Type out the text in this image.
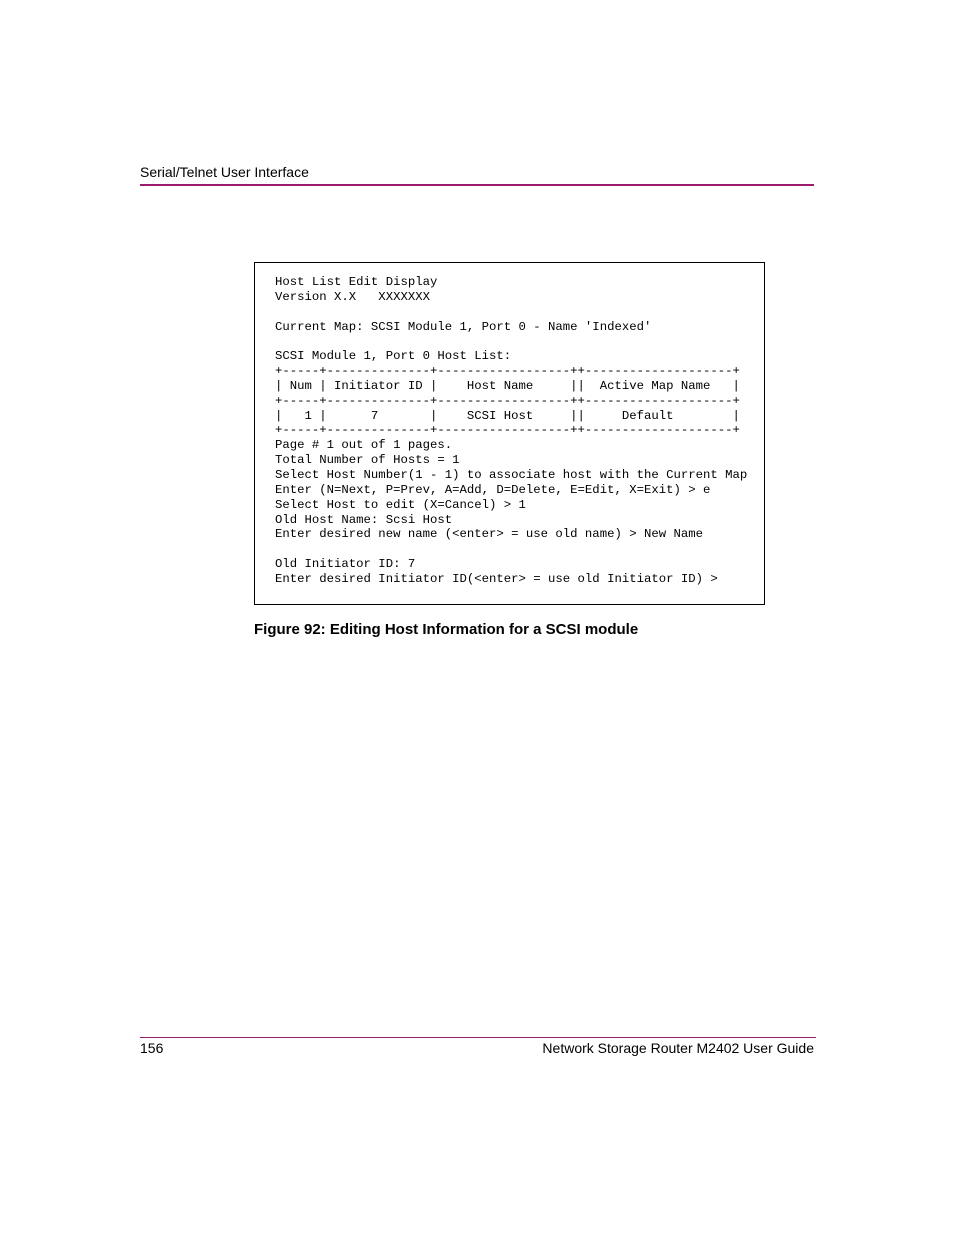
Serial/Telnet User Interface
Host List Edit Display
Version X.X   XXXXXXX

Current Map: SCSI Module 1, Port 0 - Name 'Indexed'

SCSI Module 1, Port 0 Host List:
+-----+--------------+------------------++--------------------+
| Num | Initiator ID |    Host Name     ||  Active Map Name   |
+-----+--------------+------------------++--------------------+
|   1 |      7       |    SCSI Host     ||     Default        |
+-----+--------------+------------------++--------------------+
Page # 1 out of 1 pages.
Total Number of Hosts = 1
Select Host Number(1 - 1) to associate host with the Current Map
Enter (N=Next, P=Prev, A=Add, D=Delete, E=Edit, X=Exit) > e
Select Host to edit (X=Cancel) > 1
Old Host Name: Scsi Host
Enter desired new name (<enter> = use old name) > New Name

Old Initiator ID: 7
Enter desired Initiator ID(<enter> = use old Initiator ID) >
Figure 92: Editing Host Information for a SCSI module
156	Network Storage Router M2402 User Guide
